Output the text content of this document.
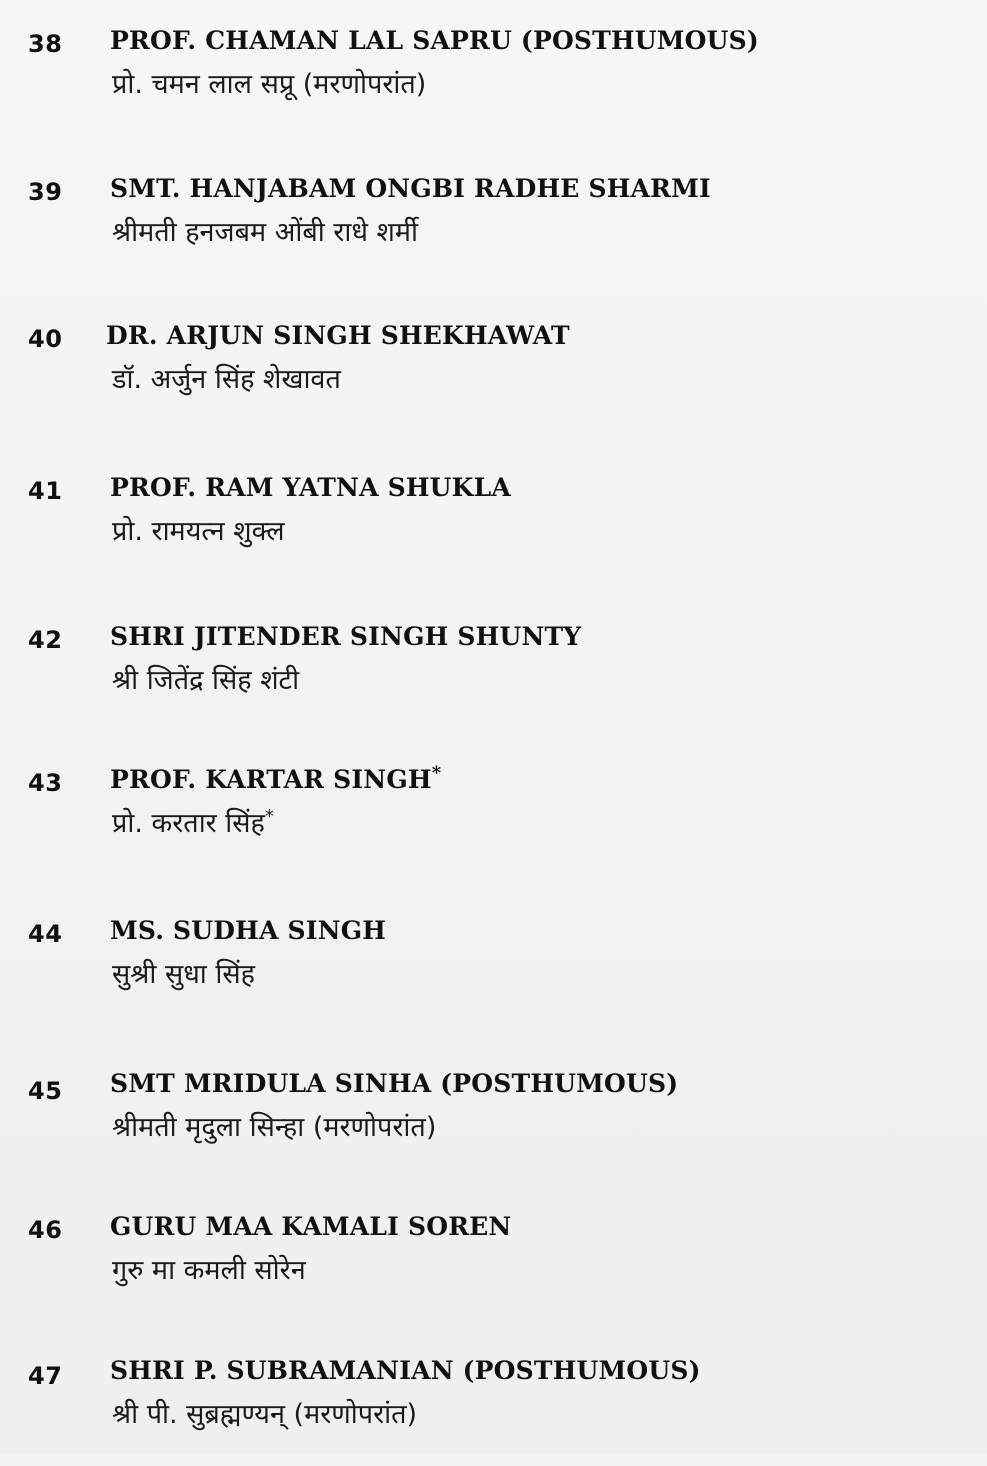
38 PROF. CHAMAN LAL SAPRU (POSTHUMOUS)
प्रो. चमन लाल सप्रू (मरणोपरांत)
39 SMT. HANJABAM ONGBI RADHE SHARMI
श्रीमती हनजबम ओंबी राधे शर्मी
40 DR. ARJUN SINGH SHEKHAWAT
डॉ. अर्जुन सिंह शेखावत
41 PROF. RAM YATNA SHUKLA
प्रो. रामयत्न शुक्ल
42 SHRI JITENDER SINGH SHUNTY
श्री जितेंद्र सिंह शंटी
43 PROF. KARTAR SINGH*
प्रो. करतार सिंह*
44 MS. SUDHA SINGH
सुश्री सुधा सिंह
45 SMT MRIDULA SINHA (POSTHUMOUS)
श्रीमती मृदुला सिन्हा (मरणोपरांत)
46 GURU MAA KAMALI SOREN
गुरु मा कमली सोरेन
47 SHRI P. SUBRAMANIAN (POSTHUMOUS)
श्री पी. सुब्रह्मण्यन् (मरणोपरांत)
